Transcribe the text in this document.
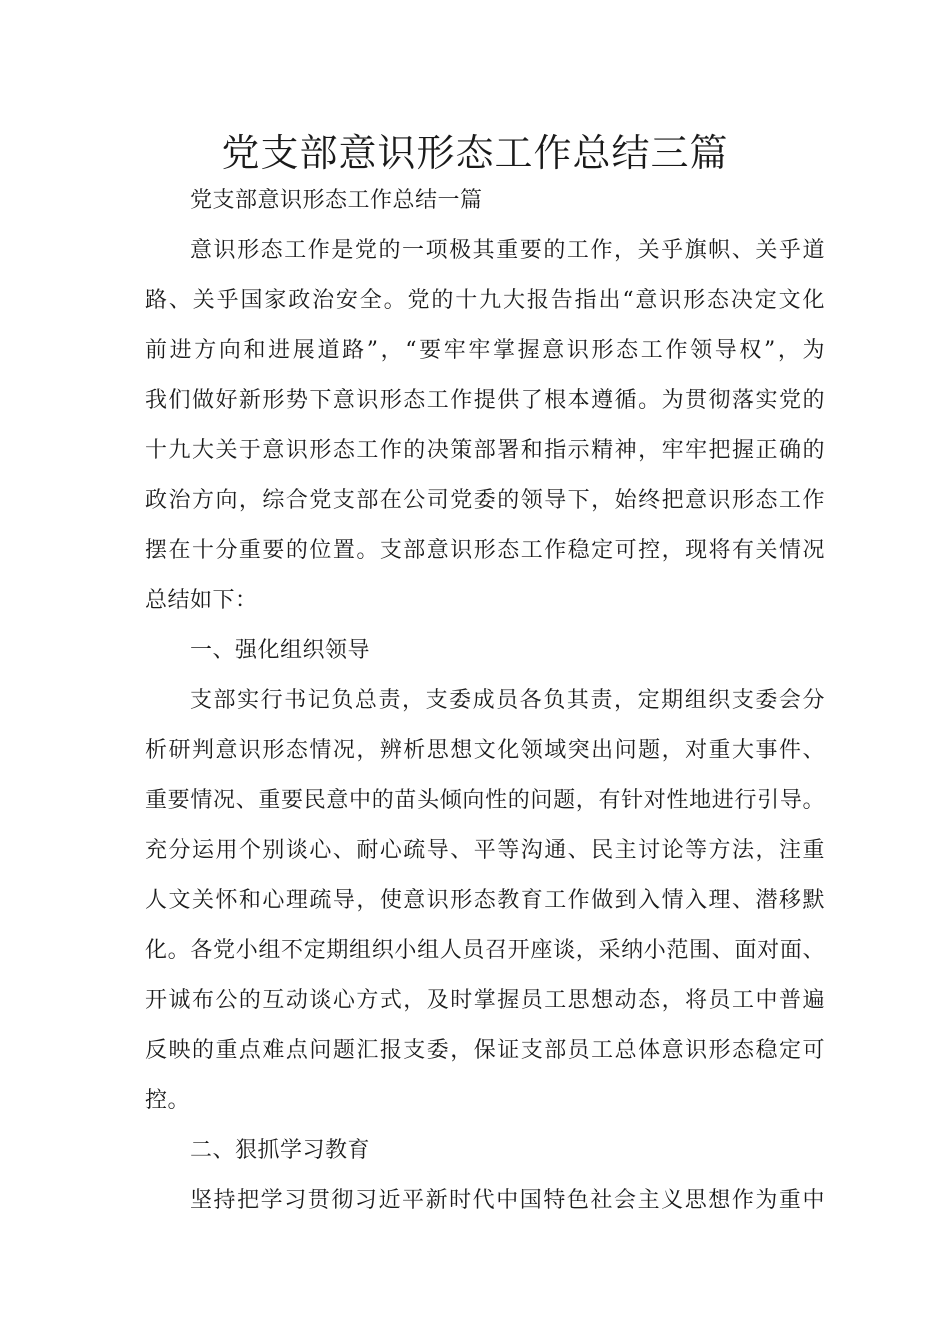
党支部意识形态工作总结三篇
党支部意识形态工作总结一篇
意识形态工作是党的一项极其重要的工作，关乎旗帜、关乎道
路、关乎国家政治安全。党的十九大报告指出“意识形态决定文化
前进方向和进展道路”，“要牢牢掌握意识形态工作领导权”，为
我们做好新形势下意识形态工作提供了根本遵循。为贯彻落实党的
十九大关于意识形态工作的决策部署和指示精神，牢牢把握正确的
政治方向，综合党支部在公司党委的领导下，始终把意识形态工作
摆在十分重要的位置。支部意识形态工作稳定可控，现将有关情况
总结如下：
一、强化组织领导
支部实行书记负总责，支委成员各负其责，定期组织支委会分
析研判意识形态情况，辨析思想文化领域突出问题，对重大事件、
重要情况、重要民意中的苗头倾向性的问题，有针对性地进行引导。
充分运用个别谈心、耐心疏导、平等沟通、民主讨论等方法，注重
人文关怀和心理疏导，使意识形态教育工作做到入情入理、潜移默
化。各党小组不定期组织小组人员召开座谈，采纳小范围、面对面、
开诚布公的互动谈心方式，及时掌握员工思想动态，将员工中普遍
反映的重点难点问题汇报支委，保证支部员工总体意识形态稳定可
控。
二、狠抓学习教育
坚持把学习贯彻习近平新时代中国特色社会主义思想作为重中
